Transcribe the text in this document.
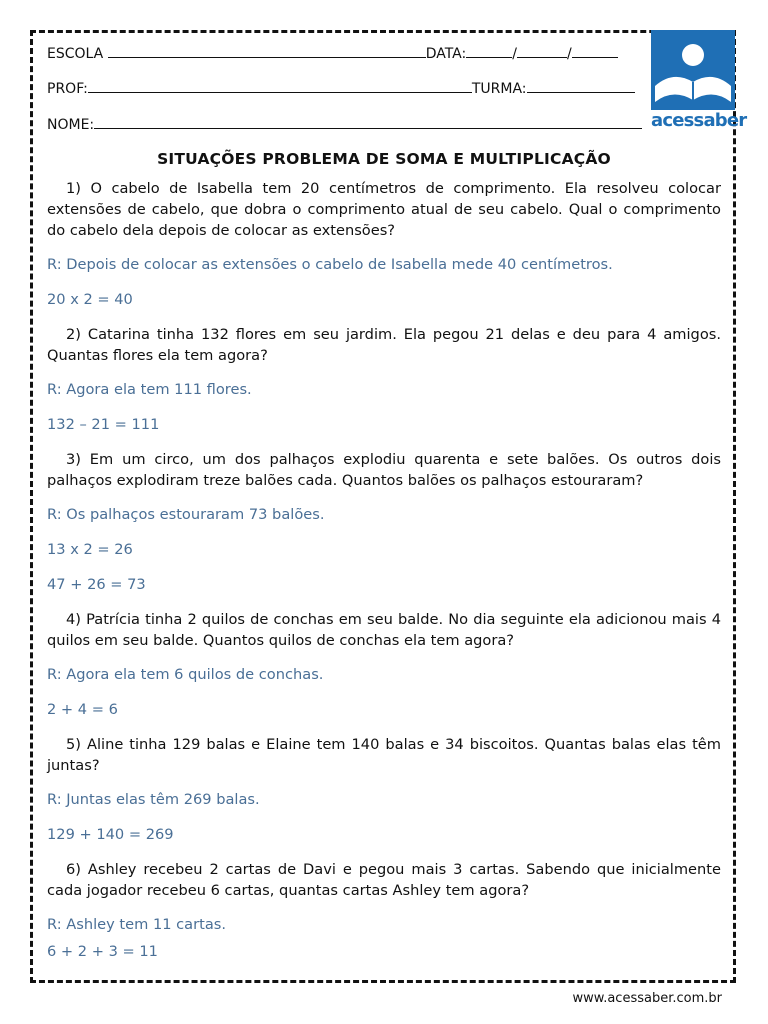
ESCOLA	DATA:	/	/
PROF:	TURMA:
NOME:	acessaber
SITUAÇÕES PROBLEMA DE SOMA E MULTIPLICAÇÃO

1) O cabelo de Isabella tem 20 centímetros de comprimento. Ela resolveu colocar extensões de cabelo, que dobra o comprimento atual de seu cabelo. Qual o comprimento do cabelo dela depois de colocar as extensões?

R: Depois de colocar as extensões o cabelo de Isabella mede 40 centímetros.

20 x 2 = 40

2) Catarina tinha 132 flores em seu jardim. Ela pegou 21 delas e deu para 4 amigos. Quantas flores ela tem agora?

R: Agora ela tem 111 flores.

132 – 21 = 111

3) Em um circo, um dos palhaços explodiu quarenta e sete balões. Os outros dois palhaços explodiram treze balões cada. Quantos balões os palhaços estouraram?

R: Os palhaços estouraram 73 balões.

13 x 2 = 26

47 + 26 = 73

4) Patrícia tinha 2 quilos de conchas em seu balde. No dia seguinte ela adicionou mais 4 quilos em seu balde. Quantos quilos de conchas ela tem agora?

R: Agora ela tem 6 quilos de conchas.

2 + 4 = 6

5) Aline tinha 129 balas e Elaine tem 140 balas e 34 biscoitos. Quantas balas elas têm juntas?

R: Juntas elas têm 269 balas.

129 + 140 = 269

6) Ashley recebeu 2 cartas de Davi e pegou mais 3 cartas. Sabendo que inicialmente cada jogador recebeu 6 cartas, quantas cartas Ashley tem agora?

R: Ashley tem 11 cartas.

6 + 2 + 3 = 11

www.acessaber.com.br
